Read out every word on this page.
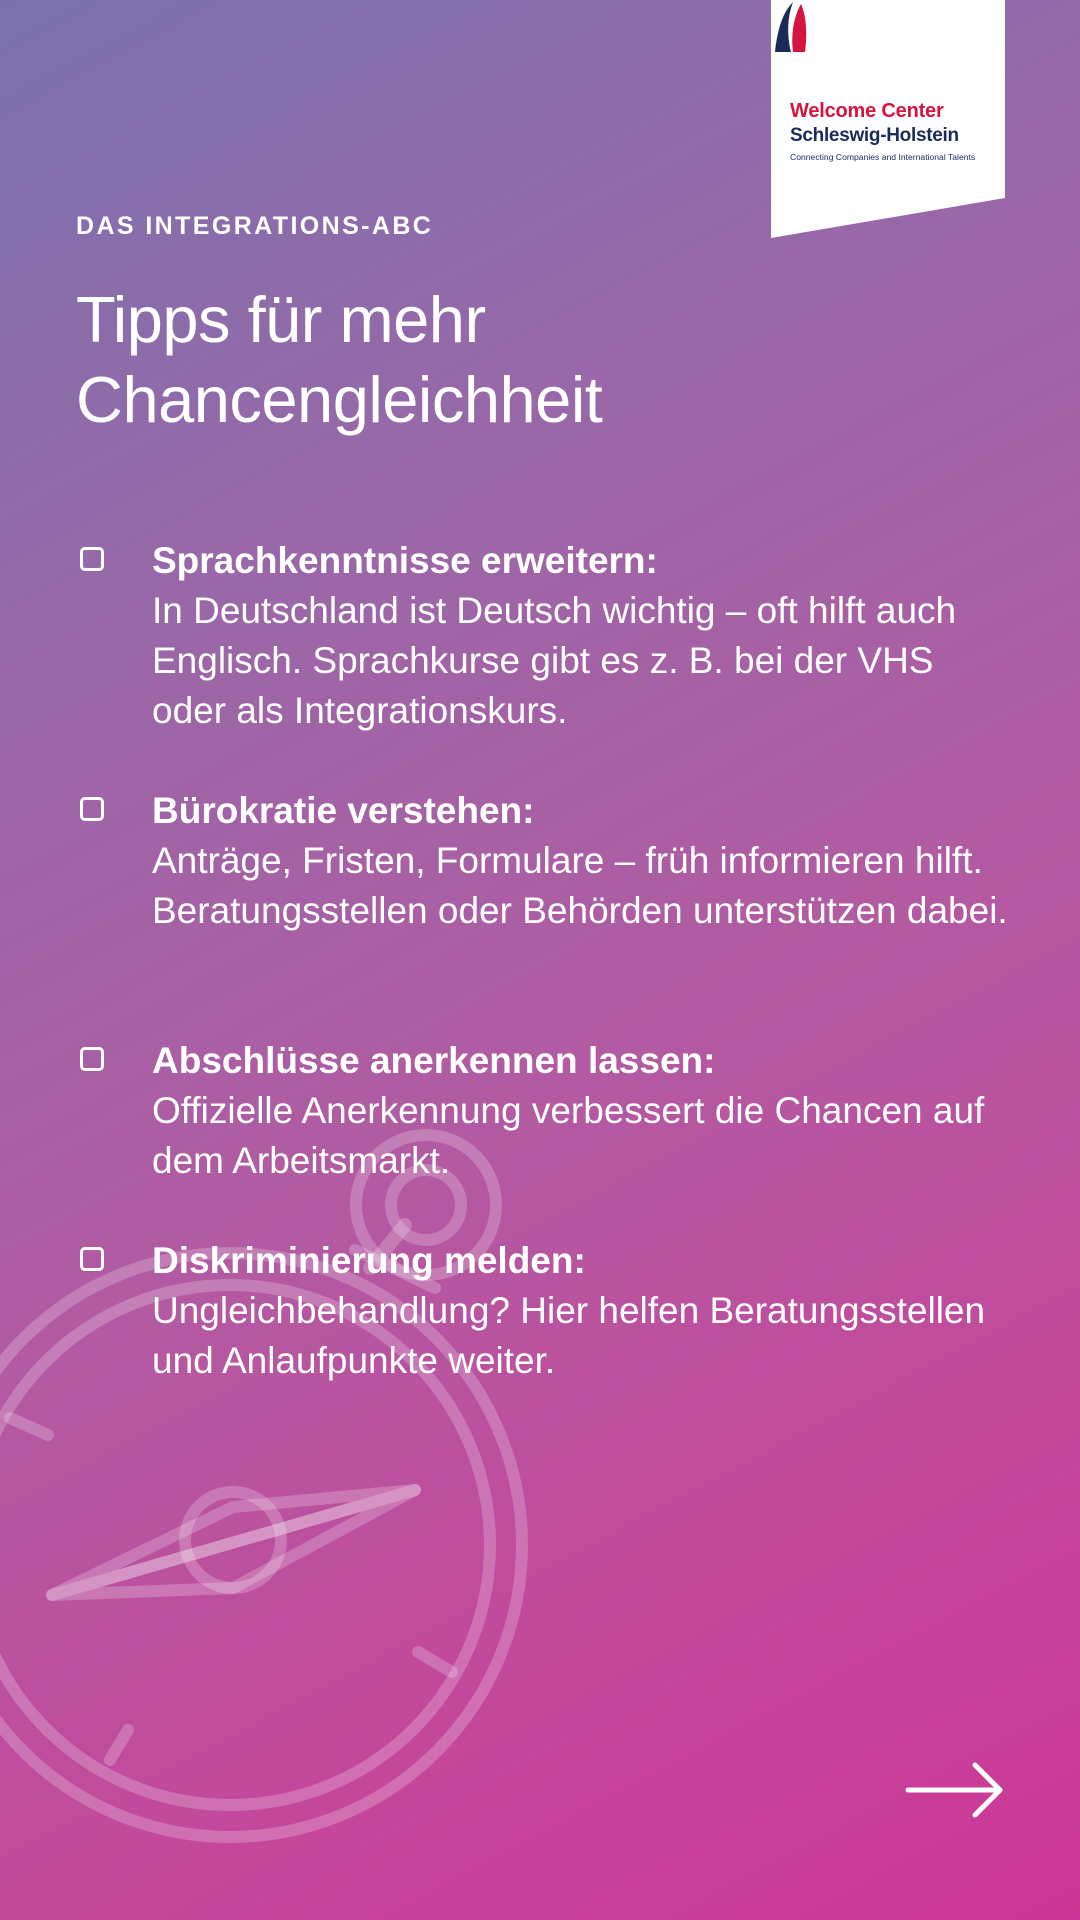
Welcome Center
Schleswig-Holstein
Connecting Companies and International Talents
DAS INTEGRATIONS-ABC
Tipps für mehr
Chancengleichheit
Sprachkenntnisse erweitern:
In Deutschland ist Deutsch wichtig – oft hilft auch Englisch. Sprachkurse gibt es z. B. bei der VHS oder als Integrationskurs.
Bürokratie verstehen:
Anträge, Fristen, Formulare – früh informieren hilft. Beratungsstellen oder Behörden unterstützen dabei.
Abschlüsse anerkennen lassen:
Offizielle Anerkennung verbessert die Chancen auf dem Arbeitsmarkt.
Diskriminierung melden:
Ungleichbehandlung? Hier helfen Beratungsstellen und Anlaufpunkte weiter.
